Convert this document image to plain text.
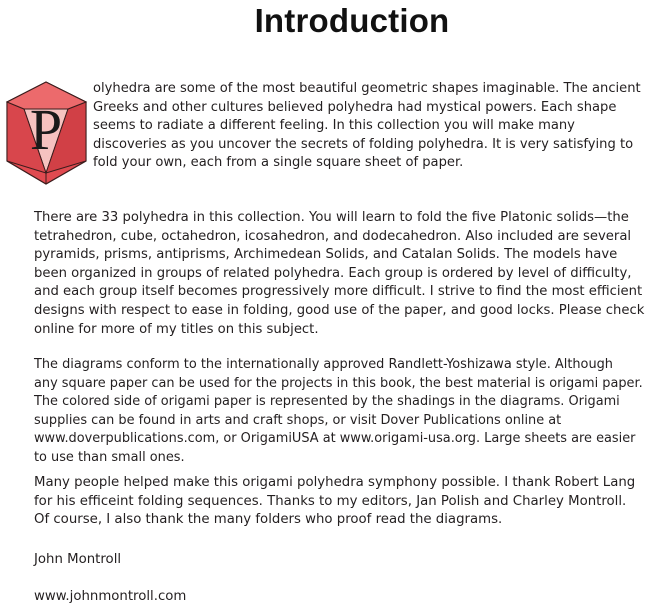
Introduction
P
olyhedra are some of the most beautiful geometric shapes imaginable. The ancient
Greeks and other cultures believed polyhedra had mystical powers. Each shape
seems to radiate a different feeling. In this collection you will make many
discoveries as you uncover the secrets of folding polyhedra. It is very satisfying to
fold your own, each from a single square sheet of paper.
There are 33 polyhedra in this collection. You will learn to fold the five Platonic solids—the
tetrahedron, cube, octahedron, icosahedron, and dodecahedron. Also included are several
pyramids, prisms, antiprisms, Archimedean Solids, and Catalan Solids. The models have
been organized in groups of related polyhedra. Each group is ordered by level of difficulty,
and each group itself becomes progressively more difficult. I strive to find the most efficient
designs with respect to ease in folding, good use of the paper, and good locks. Please check
online for more of my titles on this subject.
The diagrams conform to the internationally approved Randlett-Yoshizawa style. Although
any square paper can be used for the projects in this book, the best material is origami paper.
The colored side of origami paper is represented by the shadings in the diagrams. Origami
supplies can be found in arts and craft shops, or visit Dover Publications online at
www.doverpublications.com, or OrigamiUSA at www.origami-usa.org. Large sheets are easier
to use than small ones.
Many people helped make this origami polyhedra symphony possible. I thank Robert Lang
for his efficeint folding sequences. Thanks to my editors, Jan Polish and Charley Montroll.
Of course, I also thank the many folders who proof read the diagrams.

John Montroll

www.johnmontroll.com
